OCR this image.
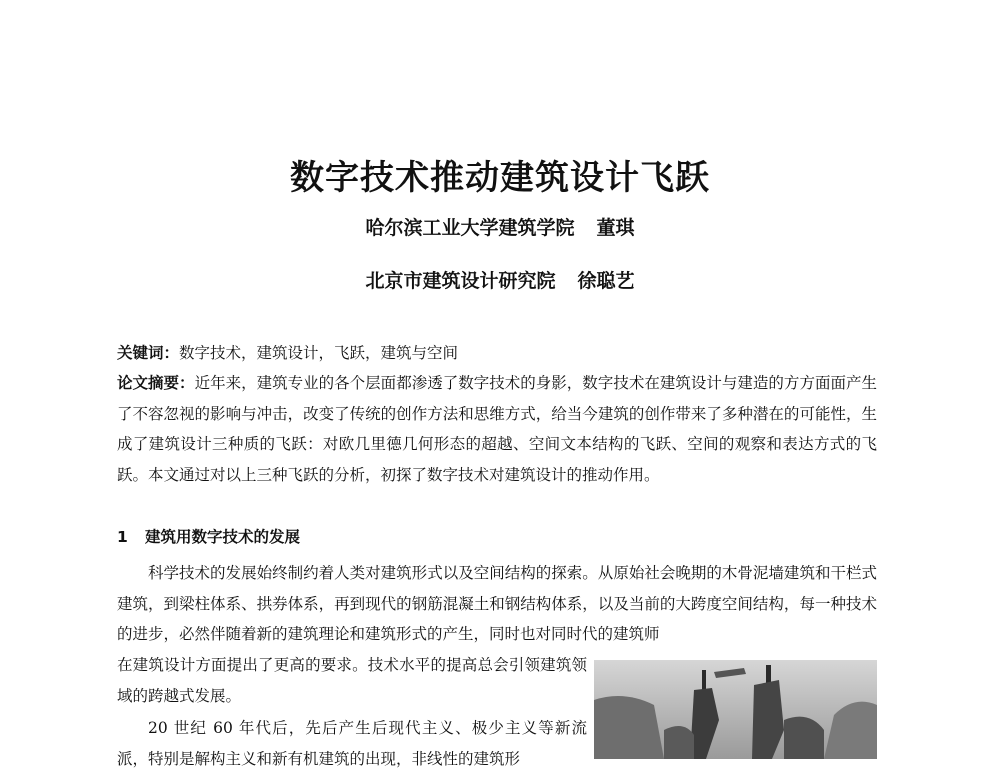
数字技术推动建筑设计飞跃
哈尔滨工业大学建筑学院 董琪
北京市建筑设计研究院 徐聪艺
关键词：数字技术，建筑设计，飞跃，建筑与空间
论文摘要：近年来，建筑专业的各个层面都渗透了数字技术的身影，数字技术在建筑设计与建造的方方面面产生了不容忽视的影响与冲击，改变了传统的创作方法和思维方式，给当今建筑的创作带来了多种潜在的可能性，生成了建筑设计三种质的飞跃：对欧几里德几何形态的超越、空间文本结构的飞跃、空间的观察和表达方式的飞跃。本文通过对以上三种飞跃的分析，初探了数字技术对建筑设计的推动作用。
1 建筑用数字技术的发展
科学技术的发展始终制约着人类对建筑形式以及空间结构的探索。从原始社会晚期的木骨泥墙建筑和干栏式建筑，到梁柱体系、拱券体系，再到现代的钢筋混凝土和钢结构体系，以及当前的大跨度空间结构，每一种技术的进步，必然伴随着新的建筑理论和建筑形式的产生，同时也对同时代的建筑师
在建筑设计方面提出了更高的要求。技术水平的提高总会引领建筑领域的跨越式发展。
20 世纪 60 年代后，先后产生后现代主义、极少主义等新流派，特别是解构主义和新有机建筑的出现，非线性的建筑形
